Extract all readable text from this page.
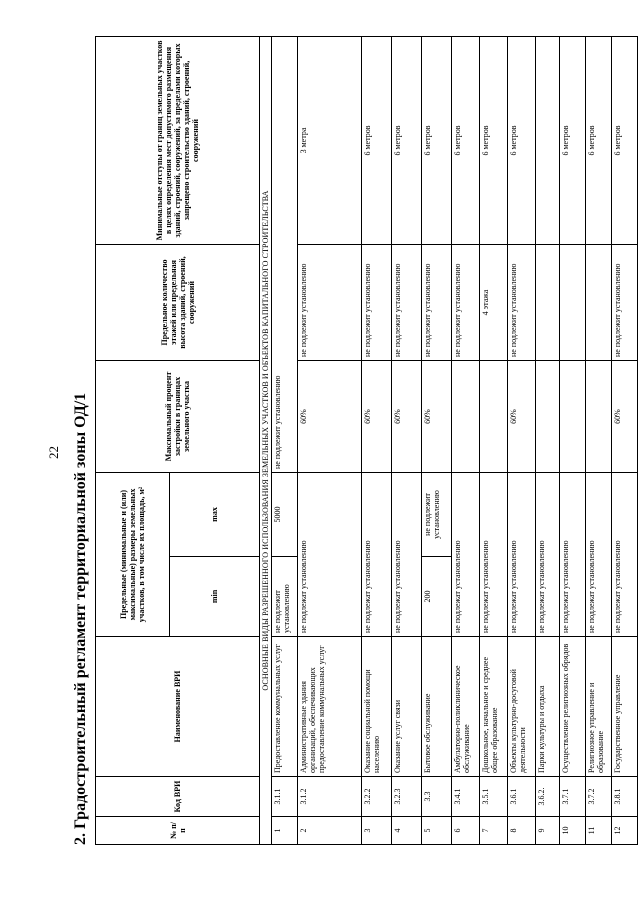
22 2. Градостроительный регламент территориальной зоны ОД/1	№ п/п	Код ВРИ	Наименование ВРИ	Предельные (минимальные и (или) максимальные) размеры земельных участков, в том числе их площадь, м²		Максимальный процент застройки в границах земельного участка	Предельное количество этажей или предельная высота зданий, строений, сооружений	Минимальные отступы от границ земельных участков в целях определения мест допустимого размещения зданий, строений, сооружений, за пределами которых запрещено строительство зданий, строений, сооружений
			min	max			
ОСНОВНЫЕ ВИДЫ РАЗРЕШЕННОГО ИСПОЛЬЗОВАНИЯ ЗЕМЕЛЬНЫХ УЧАСТКОВ И ОБЪЕКТОВ КАПИТАЛЬНОГО СТРОИТЕЛЬСТВА							
1	3.1.1	Предоставление коммунальных услуг	не подлежит установлению	5000	не подлежит установлению		
2	3.1.2	Административные здания организаций, обеспечивающих предоставление коммунальных услуг	не подлежат установлению		60%	не подлежит установлению	3 метра
3	3.2.2	Оказание социальной помощи населению	не подлежат установлению		60%	не подлежит установлению	6 метров
4	3.2.3	Оказание услуг связи	не подлежат установлению		60%	не подлежит установлению	6 метров
5	3.3	Бытовое обслуживание	200	не подлежит установлению	60%	не подлежит установлению	6 метров
6	3.4.1	Амбулаторно-поликлиническое обслуживание	не подлежат установлению			не подлежит установлению	6 метров
7	3.5.1	Дошкольное, начальное и среднее общее образование	не подлежат установлению			4 этажа	6 метров
8	3.6.1	Объекты культурно-досуговой деятельности	не подлежат установлению		60%	не подлежит установлению	6 метров
9	3.6.2.	Парки культуры и отдыха	не подлежат установлению				
10	3.7.1	Осуществление религиозных обрядов	не подлежат установлению				6 метров
11	3.7.2	Религиозное управление и образование	не подлежат установлению				6 метров
12	3.8.1	Государственное управление	не подлежат установлению		60%	не подлежит установлению	6 метров
